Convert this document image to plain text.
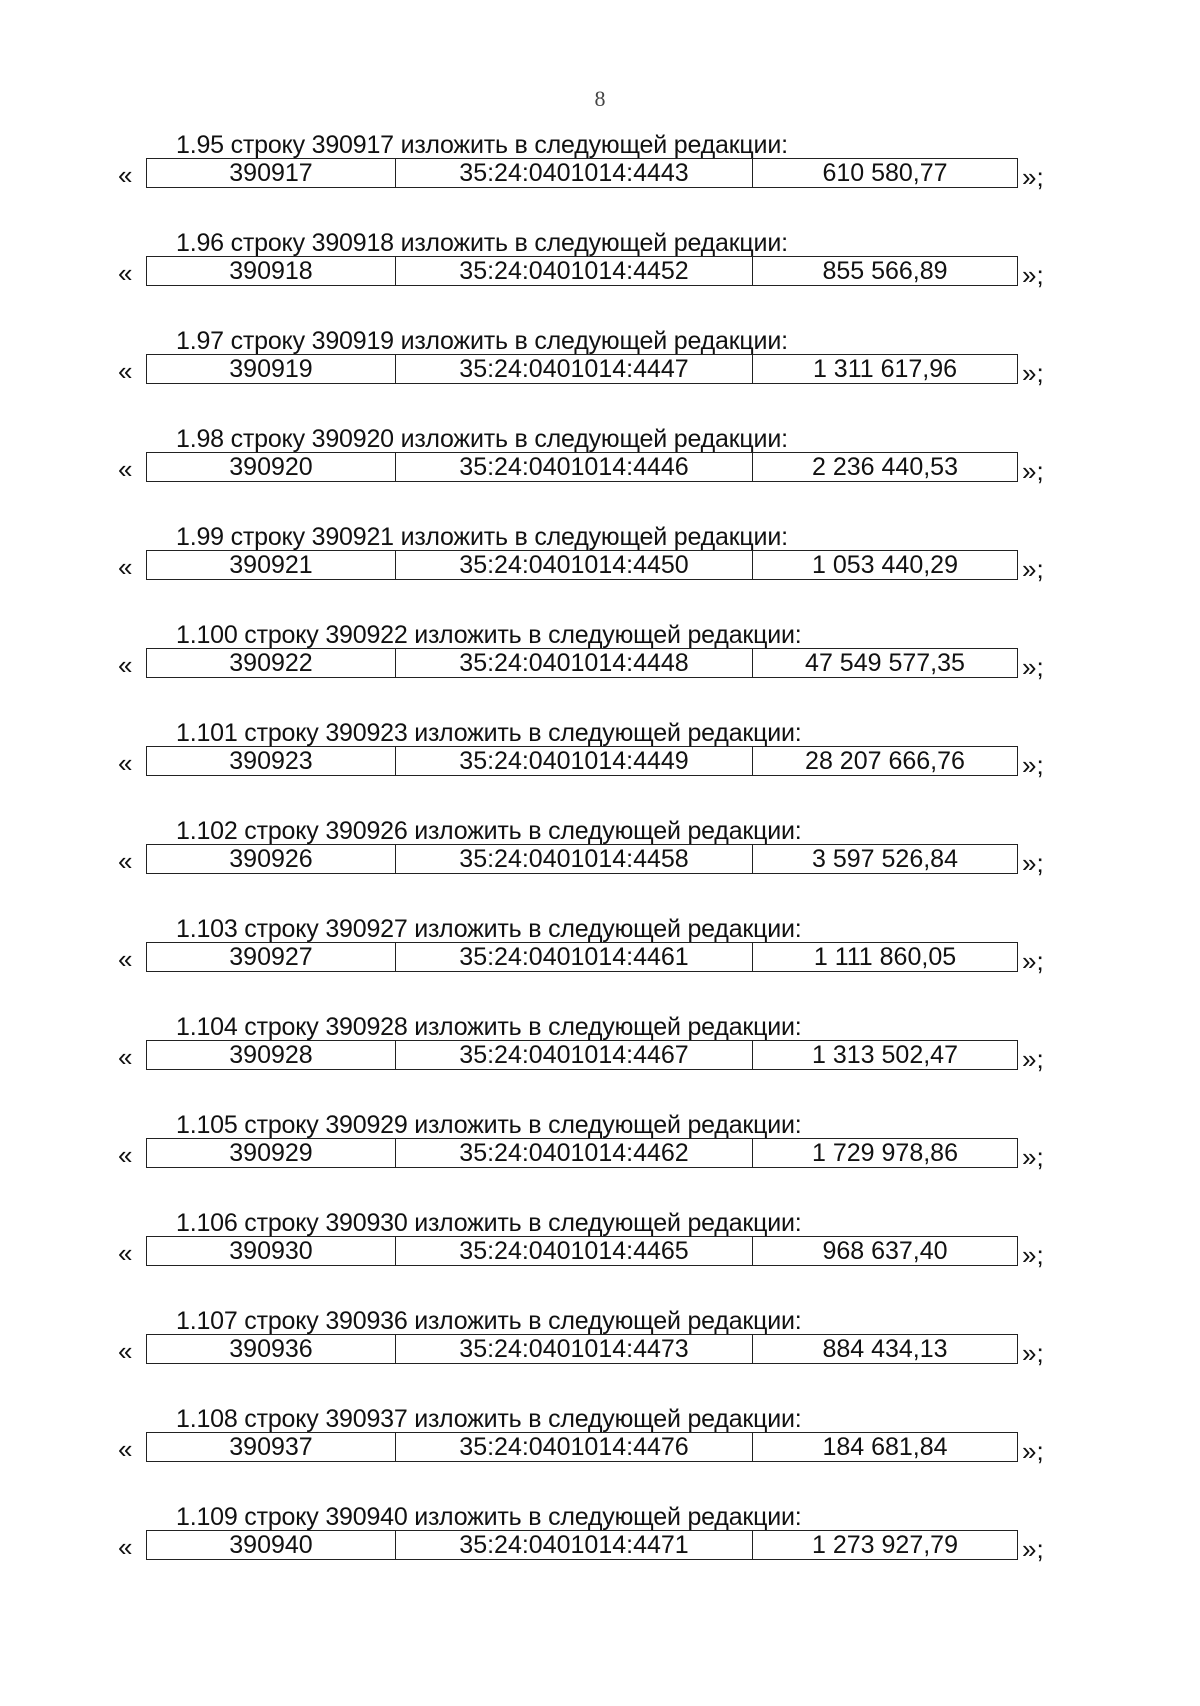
8
1.95 строку 390917 изложить в следующей редакции:
«	390917	35:24:0401014:4443	610 580,77	»;
1.96 строку 390918 изложить в следующей редакции:
«	390918	35:24:0401014:4452	855 566,89	»;
1.97 строку 390919 изложить в следующей редакции:
«	390919	35:24:0401014:4447	1 311 617,96 »;
1.98 строку 390920 изложить в следующей редакции:
«	390920	35:24:0401014:4446	2 236 440,53 »;
1.99 строку 390921 изложить в следующей редакции:
«	390921	35:24:0401014:4450	1 053 440,29 »;
1.100 строку 390922 изложить в следующей редакции:
«	390922	35:24:0401014:4448	47 549 577,35 »;
1.101 строку 390923 изложить в следующей редакции:
«	390923	35:24:0401014:4449	28 207 666,76 »;
1.102 строку 390926 изложить в следующей редакции:
«	390926	35:24:0401014:4458	3 597 526,84 »;
1.103 строку 390927 изложить в следующей редакции:
«	390927	35:24:0401014:4461	1 111 860,05	»;
1.104 строку 390928 изложить в следующей редакции:
«	390928	35:24:0401014:4467	1 313 502,47 »;
1.105 строку 390929 изложить в следующей редакции:
«	390929	35:24:0401014:4462	1 729 978,86 »;
1.106 строку 390930 изложить в следующей редакции:
«	390930	35:24:0401014:4465	968 637,40	»;
1.107 строку 390936 изложить в следующей редакции:
«	390936	35:24:0401014:4473	884 434,13	»;
1.108 строку 390937 изложить в следующей редакции:
«	390937	35:24:0401014:4476	184 681,84	»;
1.109 строку 390940 изложить в следующей редакции:
«	390940	35:24:0401014:4471	1 273 927,79 »;
